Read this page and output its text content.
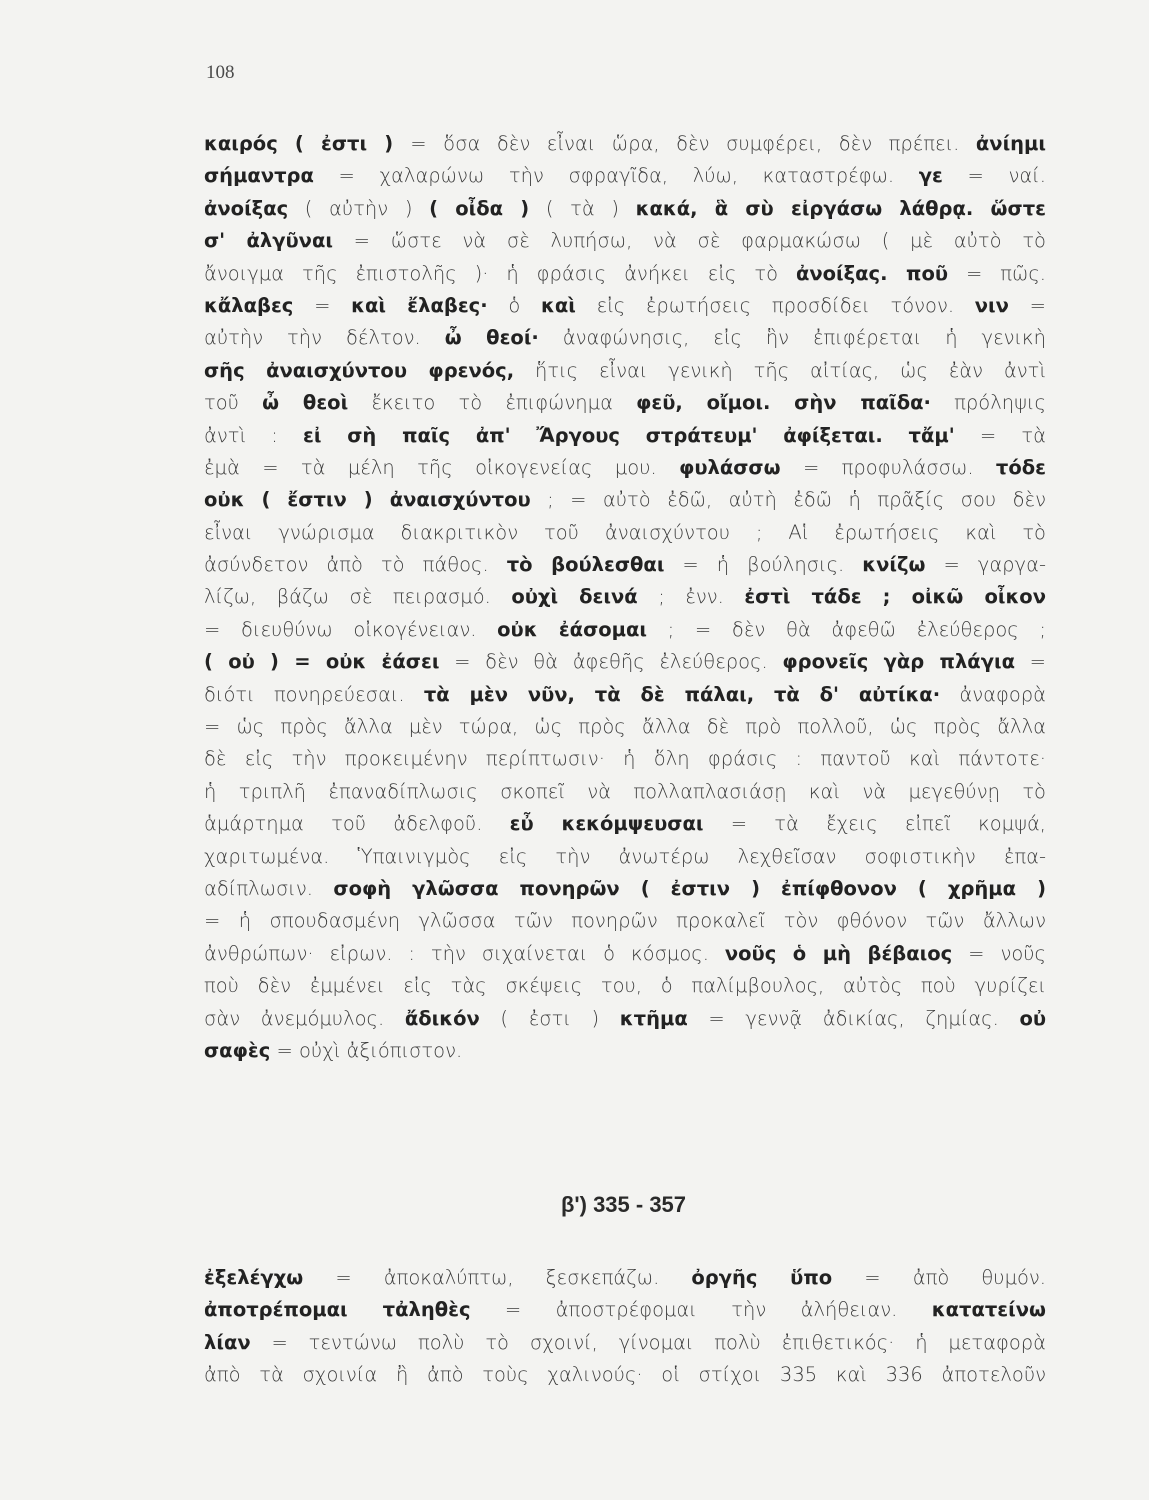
108
καιρός ( ἐστι ) = ὅσα δὲν εἶναι ὥρα, δὲν συμφέρει, δὲν πρέπει. ἀνίημι
σήμαντρα = χαλαρώνω τὴν σφραγῖδα, λύω, καταστρέφω. γε = ναί.
ἀνοίξας ( αὐτὴν ) ( οἶδα ) ( τὰ ) κακά, ἃ σὺ εἰργάσω λάθρᾳ. ὥστε
σ' ἀλγῦναι = ὥστε νὰ σὲ λυπήσω, νὰ σὲ φαρμακώσω ( μὲ αὐτὸ τὸ
ἄνοιγμα τῆς ἐπιστολῆς )· ἡ φράσις ἀνήκει εἰς τὸ ἀνοίξας. ποῦ = πῶς.
κἄλαβες = καὶ ἔλαβες· ὁ καὶ εἰς ἐρωτήσεις προσδίδει τόνον. νιν =
αὐτὴν τὴν δέλτον. ὦ θεοί· ἀναφώνησις, εἰς ἣν ἐπιφέρεται ἡ γενικὴ
σῆς ἀναισχύντου φρενός, ἥτις εἶναι γενικὴ τῆς αἰτίας, ὡς ἐὰν ἀντὶ
τοῦ ὦ θεοὶ ἔκειτο τὸ ἐπιφώνημα φεῦ, οἴμοι. σὴν παῖδα· πρόληψις
ἀντὶ : εἰ σὴ παῖς ἀπ' Ἄργους στράτευμ' ἀφίξεται. τἄμ' = τὰ
ἐμὰ = τὰ μέλη τῆς οἰκογενείας μου. φυλάσσω = προφυλάσσω. τόδε
οὐκ ( ἔστιν ) ἀναισχύντου ; = αὐτὸ ἐδῶ, αὐτὴ ἐδῶ ἡ πρᾶξίς σου δὲν
εἶναι γνώρισμα διακριτικὸν τοῦ ἀναισχύντου ; Αἱ ἐρωτήσεις καὶ τὸ
ἀσύνδετον ἀπὸ τὸ πάθος. τὸ βούλεσθαι = ἡ βούλησις. κνίζω = γαργα-
λίζω, βάζω σὲ πειρασμό. οὐχὶ δεινά ; ἐνν. ἐστὶ τάδε ; οἰκῶ οἶκον
= διευθύνω οἰκογένειαν. οὐκ ἐάσομαι ; = δὲν θὰ ἀφεθῶ ἐλεύθερος ;
( οὐ ) = οὐκ ἐάσει = δὲν θὰ ἀφεθῆς ἐλεύθερος. φρονεῖς γὰρ πλάγια =
διότι πονηρεύεσαι. τὰ μὲν νῦν, τὰ δὲ πάλαι, τὰ δ' αὐτίκα· ἀναφορὰ
= ὡς πρὸς ἄλλα μὲν τώρα, ὡς πρὸς ἄλλα δὲ πρὸ πολλοῦ, ὡς πρὸς ἄλλα
δὲ εἰς τὴν προκειμένην περίπτωσιν· ἡ ὅλη φράσις : παντοῦ καὶ πάντοτε·
ἡ τριπλῆ ἐπαναδίπλωσις σκοπεῖ νὰ πολλαπλασιάσῃ καὶ νὰ μεγεθύνῃ τὸ
ἁμάρτημα τοῦ ἀδελφοῦ. εὖ κεκόμψευσαι = τὰ ἔχεις εἰπεῖ κομψά,
χαριτωμένα. Ὑπαινιγμὸς εἰς τὴν ἀνωτέρω λεχθεῖσαν σοφιστικὴν ἐπα-
αδίπλωσιν. σοφὴ γλῶσσα πονηρῶν ( ἐστιν ) ἐπίφθονον ( χρῆμα )
= ἡ σπουδασμένη γλῶσσα τῶν πονηρῶν προκαλεῖ τὸν φθόνον τῶν ἄλλων
ἀνθρώπων· εἰρων. : τὴν σιχαίνεται ὁ κόσμος. νοῦς ὁ μὴ βέβαιος = νοῦς
ποὺ δὲν ἐμμένει εἰς τὰς σκέψεις του, ὁ παλίμβουλος, αὐτὸς ποὺ γυρίζει
σὰν ἀνεμόμυλος. ἄδικόν ( ἐστι ) κτῆμα = γεννᾷ ἀδικίας, ζημίας. οὐ
σαφὲς = οὐχὶ ἀξιόπιστον.
β') 335 - 357
ἐξελέγχω = ἀποκαλύπτω, ξεσκεπάζω. ὀργῆς ὕπο = ἀπὸ θυμόν.
ἀποτρέπομαι τἀληθὲς = ἀποστρέφομαι τὴν ἀλήθειαν. κατατείνω
λίαν = τεντώνω πολὺ τὸ σχοινί, γίνομαι πολὺ ἐπιθετικός· ἡ μεταφορὰ
ἀπὸ τὰ σχοινία ἢ ἀπὸ τοὺς χαλινούς· οἱ στίχοι 335 καὶ 336 ἀποτελοῦν
